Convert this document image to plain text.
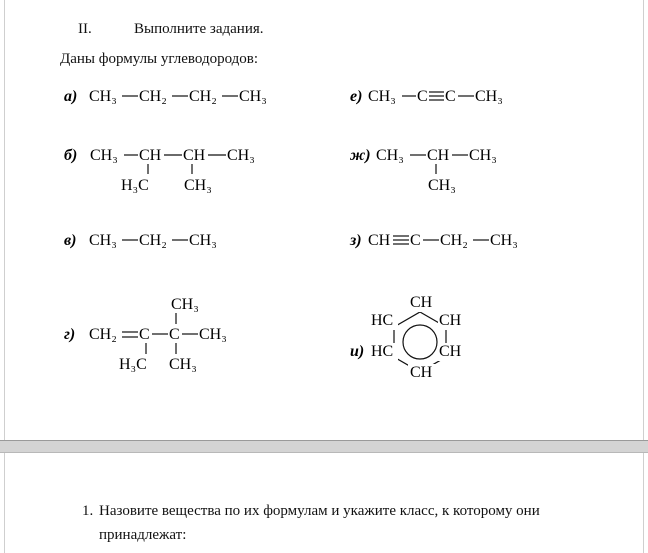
II.	Выполните задания.
Даны формулы углеводородов:
а) CH₃ CH₂ CH₂ CH₃	е) CH₃ C C CH₃
б) CH₃ CH CH CH₃
H₃C CH₃
ж) CH₃ CH CH₃
CH₃
в) CH₃ CH₂ CH₃	з) CH C CH₂ CH₃
г) CH₂ C C CH₃
CH₃
H₃C CH₃
и)
CH
HC	CH
HC	CH
CH
1. Назовите вещества по их формулам и укажите класс, к которому они
принадлежат:
